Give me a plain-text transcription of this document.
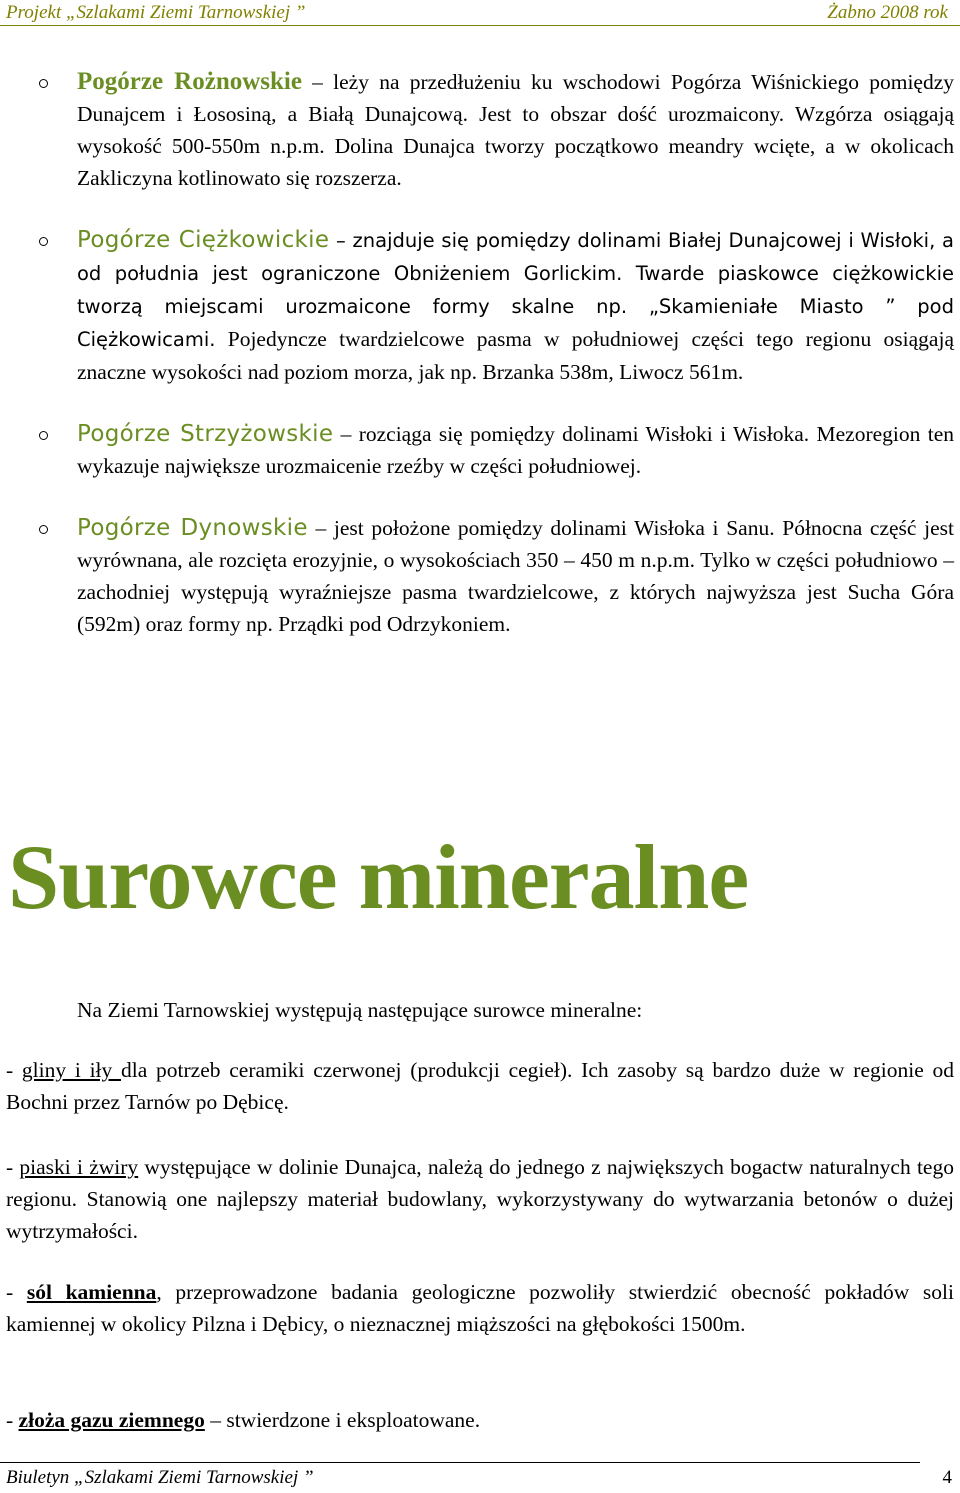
Projekt „Szlakami Ziemi Tarnowskiej ”	Żabno 2008 rok
Pogórze Rożnowskie – leży na przedłużeniu ku wschodowi Pogórza Wiśnickiego pomiędzy Dunajcem i Łososiną, a Białą Dunajcową. Jest to obszar dość urozmaicony. Wzgórza osiągają wysokość 500-550m n.p.m. Dolina Dunajca tworzy początkowo meandry wcięte, a w okolicach Zakliczyna kotlinowato się rozszerza.
Pogórze Ciężkowickie – znajduje się pomiędzy dolinami Białej Dunajcowej i Wisłoki, a od południa jest ograniczone Obniżeniem Gorlickim. Twarde piaskowce ciężkowickie tworzą miejscami urozmaicone formy skalne np. „Skamieniałe Miasto ” pod Ciężkowicami. Pojedyncze twardzielcowe pasma w południowej części tego regionu osiągają znaczne wysokości nad poziom morza, jak np. Brzanka 538m, Liwocz 561m.
Pogórze Strzyżowskie – rozciąga się pomiędzy dolinami Wisłoki i Wisłoka. Mezoregion ten wykazuje największe urozmaicenie rzeźby w części południowej.
Pogórze Dynowskie – jest położone pomiędzy dolinami Wisłoka i Sanu. Północna część jest wyrównana, ale rozcięta erozyjnie, o wysokościach 350 – 450 m n.p.m. Tylko w części południowo – zachodniej występują wyraźniejsze pasma twardzielcowe, z których najwyższa jest Sucha Góra (592m) oraz formy np. Prządki pod Odrzykoniem.
Surowce mineralne
Na Ziemi Tarnowskiej występują następujące surowce mineralne:
- gliny i iły dla potrzeb ceramiki czerwonej (produkcji cegieł). Ich zasoby są bardzo duże w regionie od Bochni przez Tarnów po Dębicę.
- piaski i żwiry występujące w dolinie Dunajca, należą do jednego z największych bogactw naturalnych tego regionu. Stanowią one najlepszy materiał budowlany, wykorzystywany do wytwarzania betonów o dużej wytrzymałości.
- sól kamienna, przeprowadzone badania geologiczne pozwoliły stwierdzić obecność pokładów soli kamiennej w okolicy Pilzna i Dębicy, o nieznacznej miąższości na głębokości 1500m.
- złoża gazu ziemnego – stwierdzone i eksploatowane.
Biuletyn „Szlakami Ziemi Tarnowskiej ”	4
